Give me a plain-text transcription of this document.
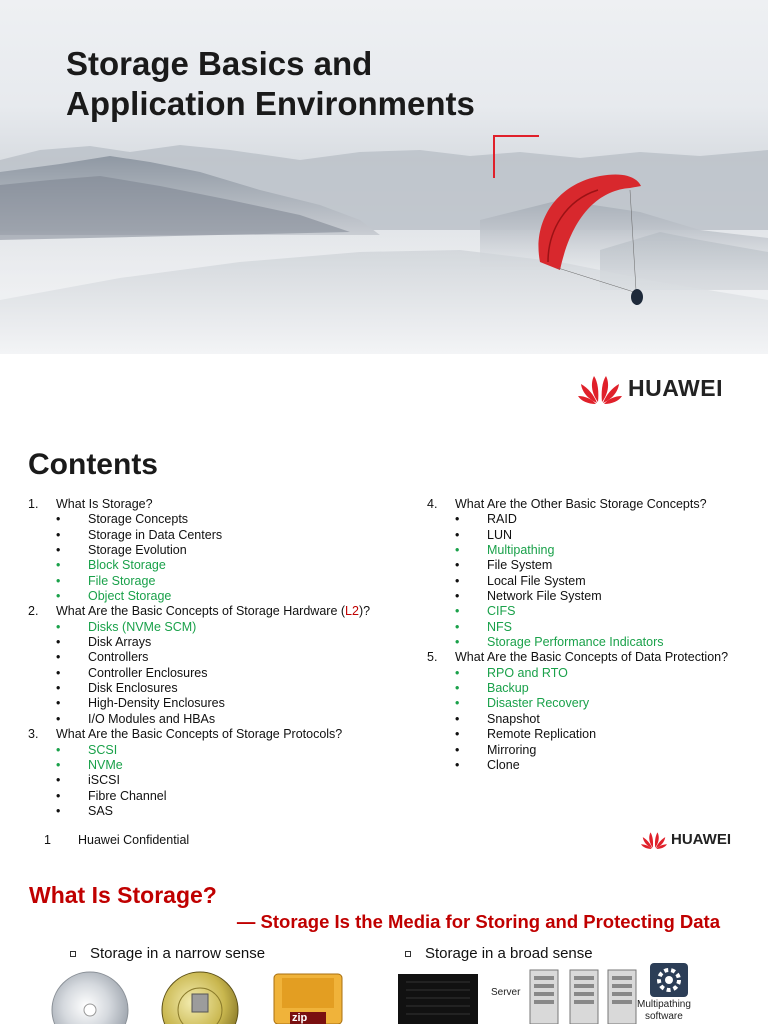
Storage Basics and
Application Environments
HUAWEI
Contents
1.	What Is Storage?
•	Storage Concepts
•	Storage in Data Centers
•	Storage Evolution
•	Block Storage
•	File Storage
•	Object Storage
2.	What Are the Basic Concepts of Storage Hardware (L2)?
•	Disks (NVMe SCM)
•	Disk Arrays
•	Controllers
•	Controller Enclosures
•	Disk Enclosures
•	High-Density Enclosures
•	I/O Modules and HBAs
3.	What Are the Basic Concepts of Storage Protocols?
•	SCSI
•	NVMe
•	iSCSI
•	Fibre Channel
•	SAS
4.	What Are the Other Basic Storage Concepts?
•	RAID
•	LUN
•	Multipathing
•	File System
•	Local File System
•	Network File System
•	CIFS
•	NFS
•	Storage Performance Indicators
5.	What Are the Basic Concepts of Data Protection?
•	RPO and RTO
•	Backup
•	Disaster Recovery
•	Snapshot
•	Remote Replication
•	Mirroring
•	Clone
1 Huawei Confidential	HUAWEI
What Is Storage?
— Storage Is the Media for Storing and Protecting Data
Storage in a narrow sense	Storage in a broad sense
zip
Server
Multipathing
software
